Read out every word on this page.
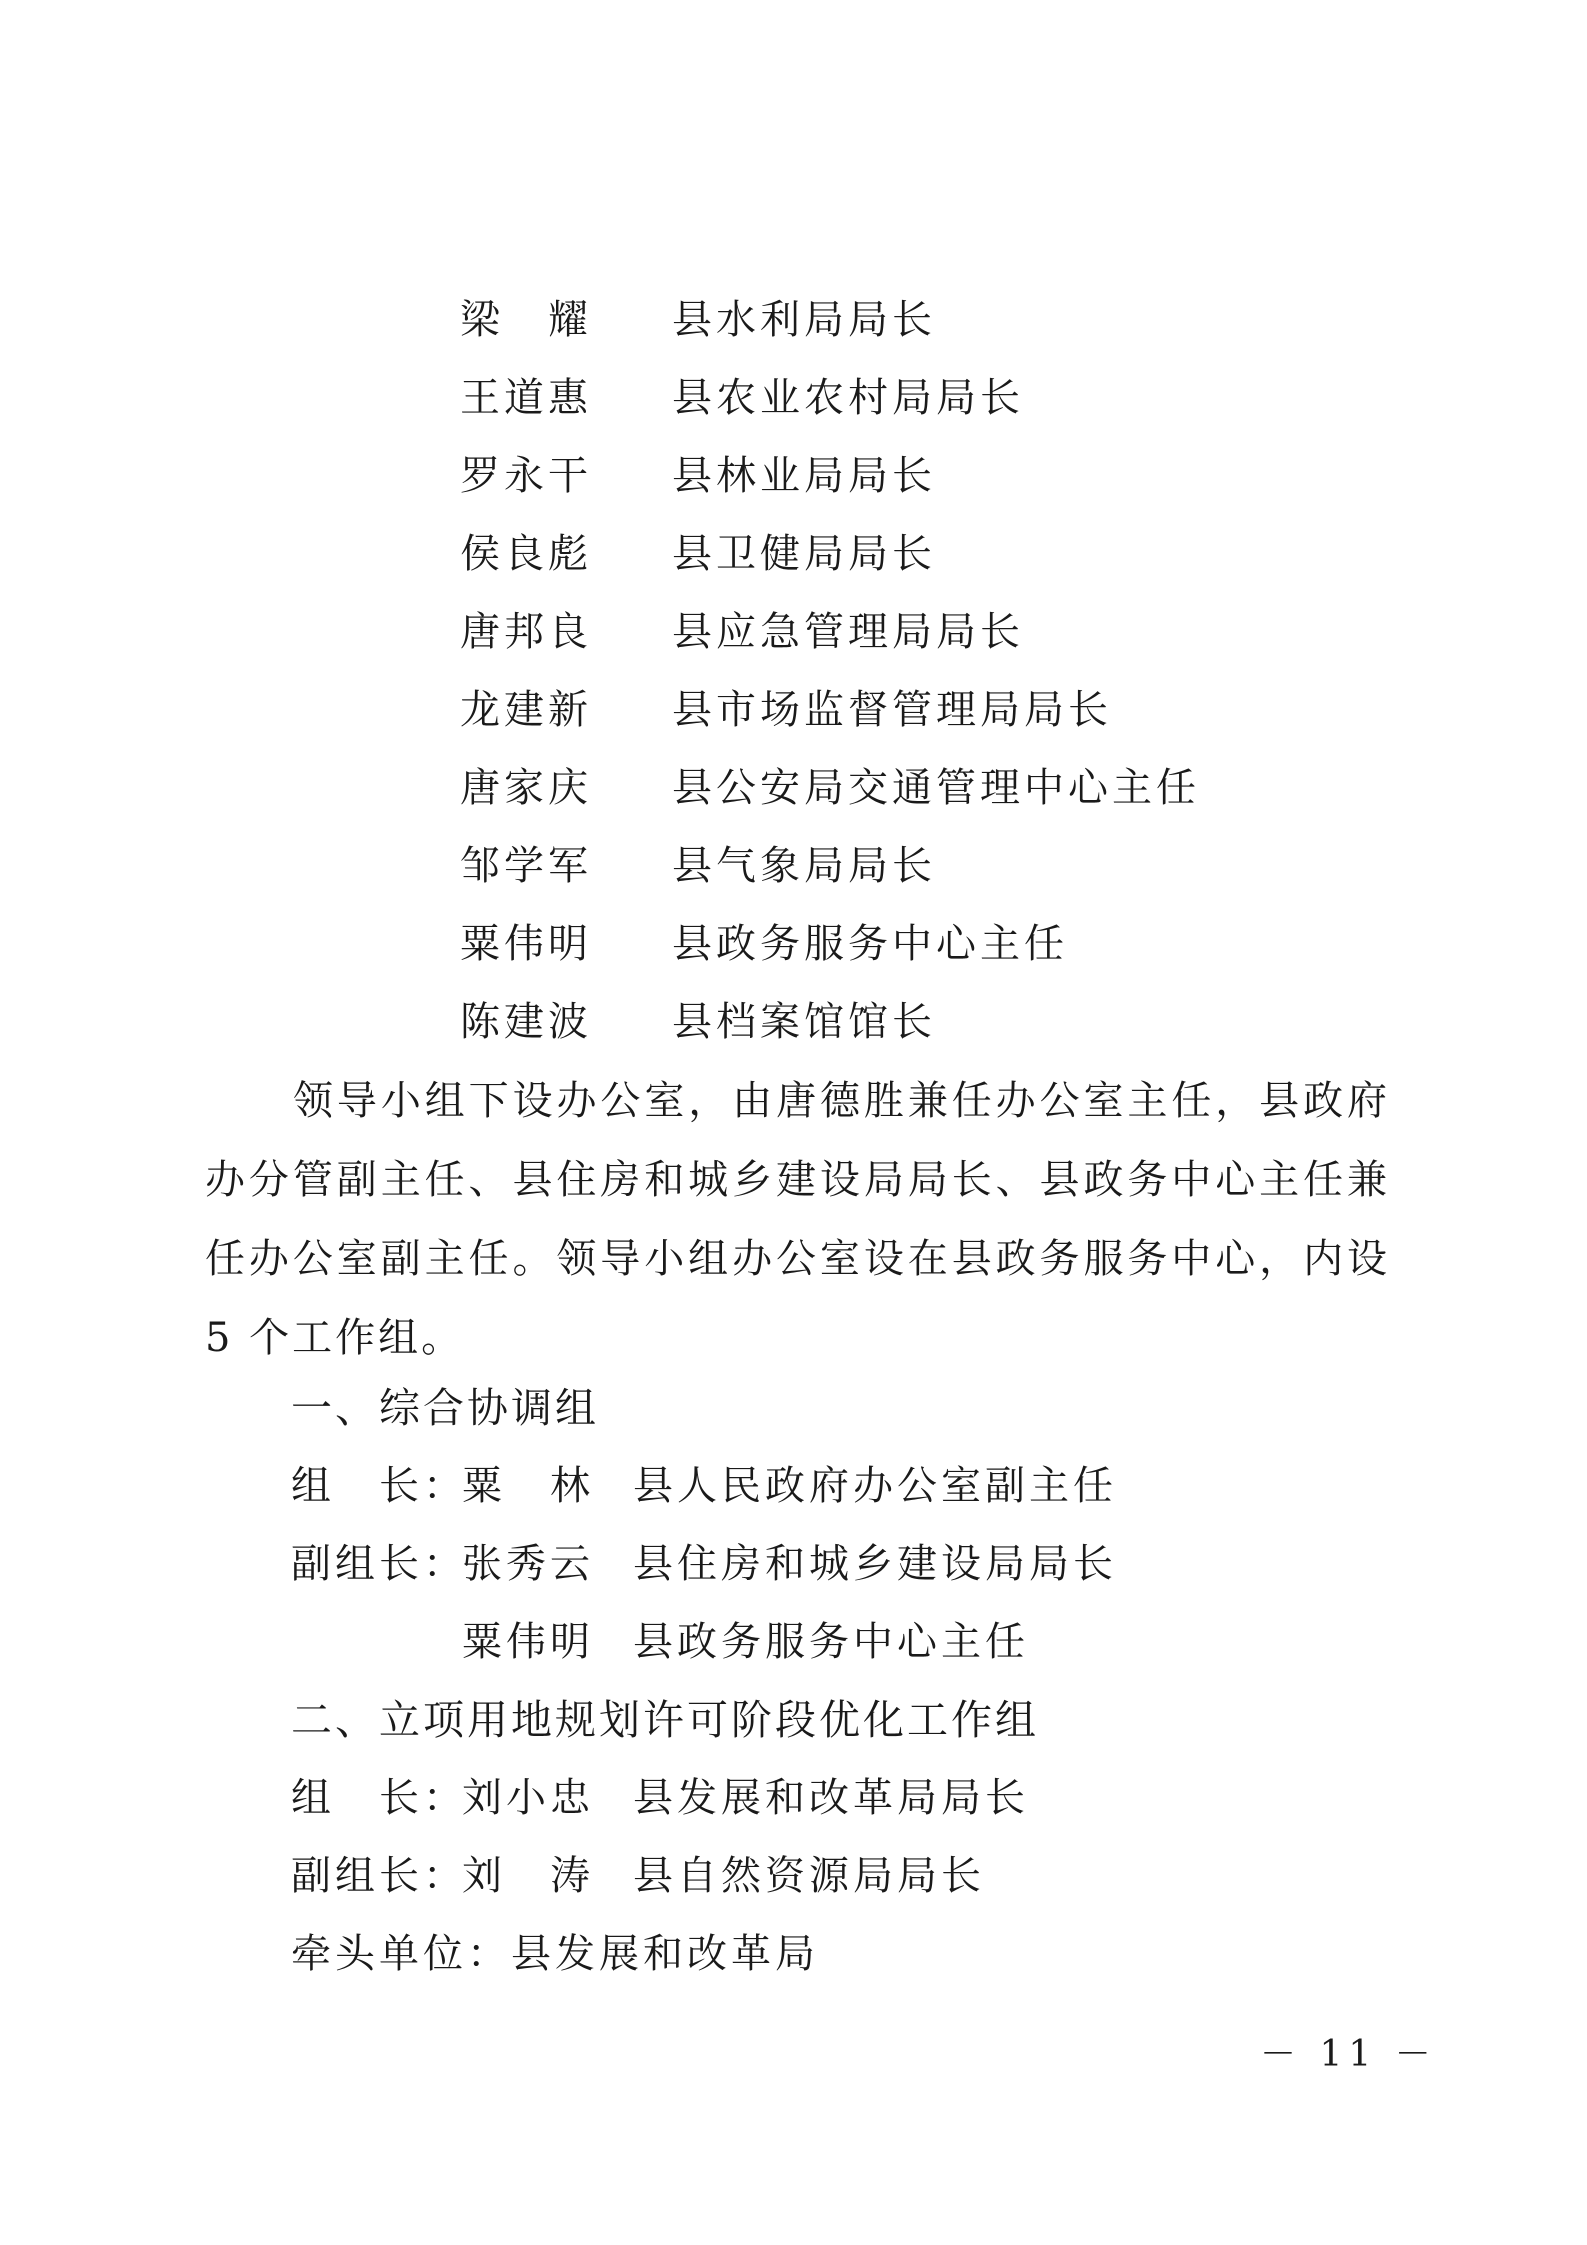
梁　耀 县水利局局长
王道惠 县农业农村局局长
罗永干 县林业局局长
侯良彪 县卫健局局长
唐邦良 县应急管理局局长
龙建新 县市场监督管理局局长
唐家庆 县公安局交通管理中心主任
邹学军 县气象局局长
粟伟明 县政务服务中心主任
陈建波 县档案馆馆长
领导小组下设办公室，由唐德胜兼任办公室主任，县政府办分管副主任、县住房和城乡建设局局长、县政务中心主任兼任办公室副主任。领导小组办公室设在县政务服务中心，内设 5 个工作组。
一、综合协调组
组　长：
粟　林 县人民政府办公室副主任
副组长：
张秀云 县住房和城乡建设局局长
粟伟明 县政务服务中心主任
二、立项用地规划许可阶段优化工作组
组　长：
刘小忠 县发展和改革局局长
副组长：
刘　涛 县自然资源局局长
牵头单位：县发展和改革局
－ 11 －
